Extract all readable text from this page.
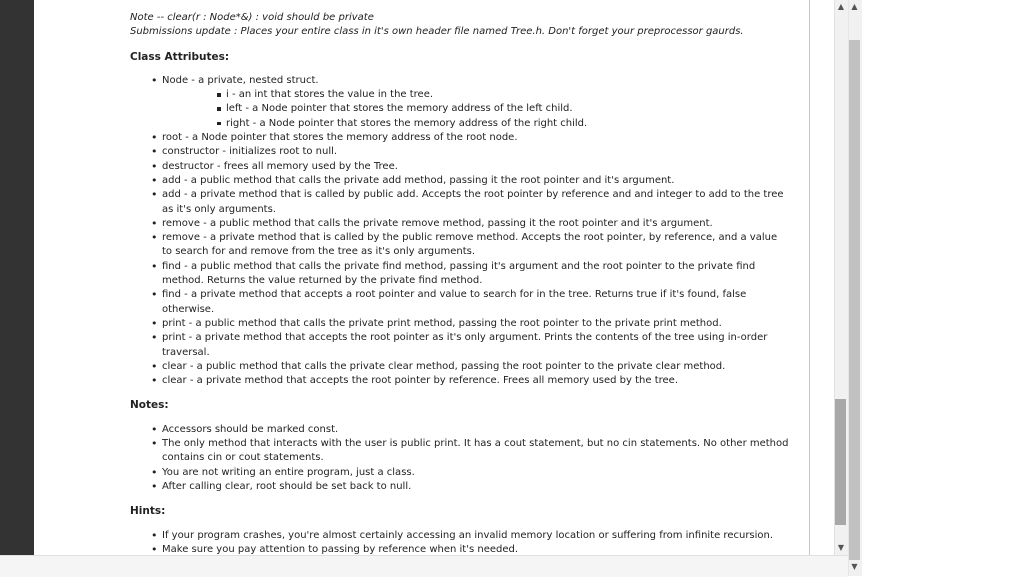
Note -- clear(r : Node*&) : void should be private

Submissions update : Places your entire class in it's own header file named Tree.h. Don't forget your preprocessor gaurds.

Class Attributes:

• Node - a private, nested struct.
i - an int that stores the value in the tree.
left - a Node pointer that stores the memory address of the left child.
right - a Node pointer that stores the memory address of the right child.
• root - a Node pointer that stores the memory address of the root node.
• constructor - initializes root to null.
• destructor - frees all memory used by the Tree.
• add - a public method that calls the private add method, passing it the root pointer and it's argument.
• add - a private method that is called by public add. Accepts the root pointer by reference and and integer to add to the tree as it's only arguments.
• remove - a public method that calls the private remove method, passing it the root pointer and it's argument.
• remove - a private method that is called by the public remove method. Accepts the root pointer, by reference, and a value to search for and remove from the tree as it's only arguments.
• find - a public method that calls the private find method, passing it's argument and the root pointer to the private find method. Returns the value returned by the private find method.
• find - a private method that accepts a root pointer and value to search for in the tree. Returns true if it's found, false otherwise.
• print - a public method that calls the private print method, passing the root pointer to the private print method.
• print - a private method that accepts the root pointer as it's only argument. Prints the contents of the tree using in-order traversal.
• clear - a public method that calls the private clear method, passing the root pointer to the private clear method.
• clear - a private method that accepts the root pointer by reference. Frees all memory used by the tree.

Notes:

• Accessors should be marked const.
• The only method that interacts with the user is public print. It has a cout statement, but no cin statements. No other method contains cin or cout statements.
• You are not writing an entire program, just a class.
• After calling clear, root should be set back to null.

Hints:

• If your program crashes, you're almost certainly accessing an invalid memory location or suffering from infinite recursion.
• Make sure you pay attention to passing by reference when it's needed.
▲
▼
▲
▼
